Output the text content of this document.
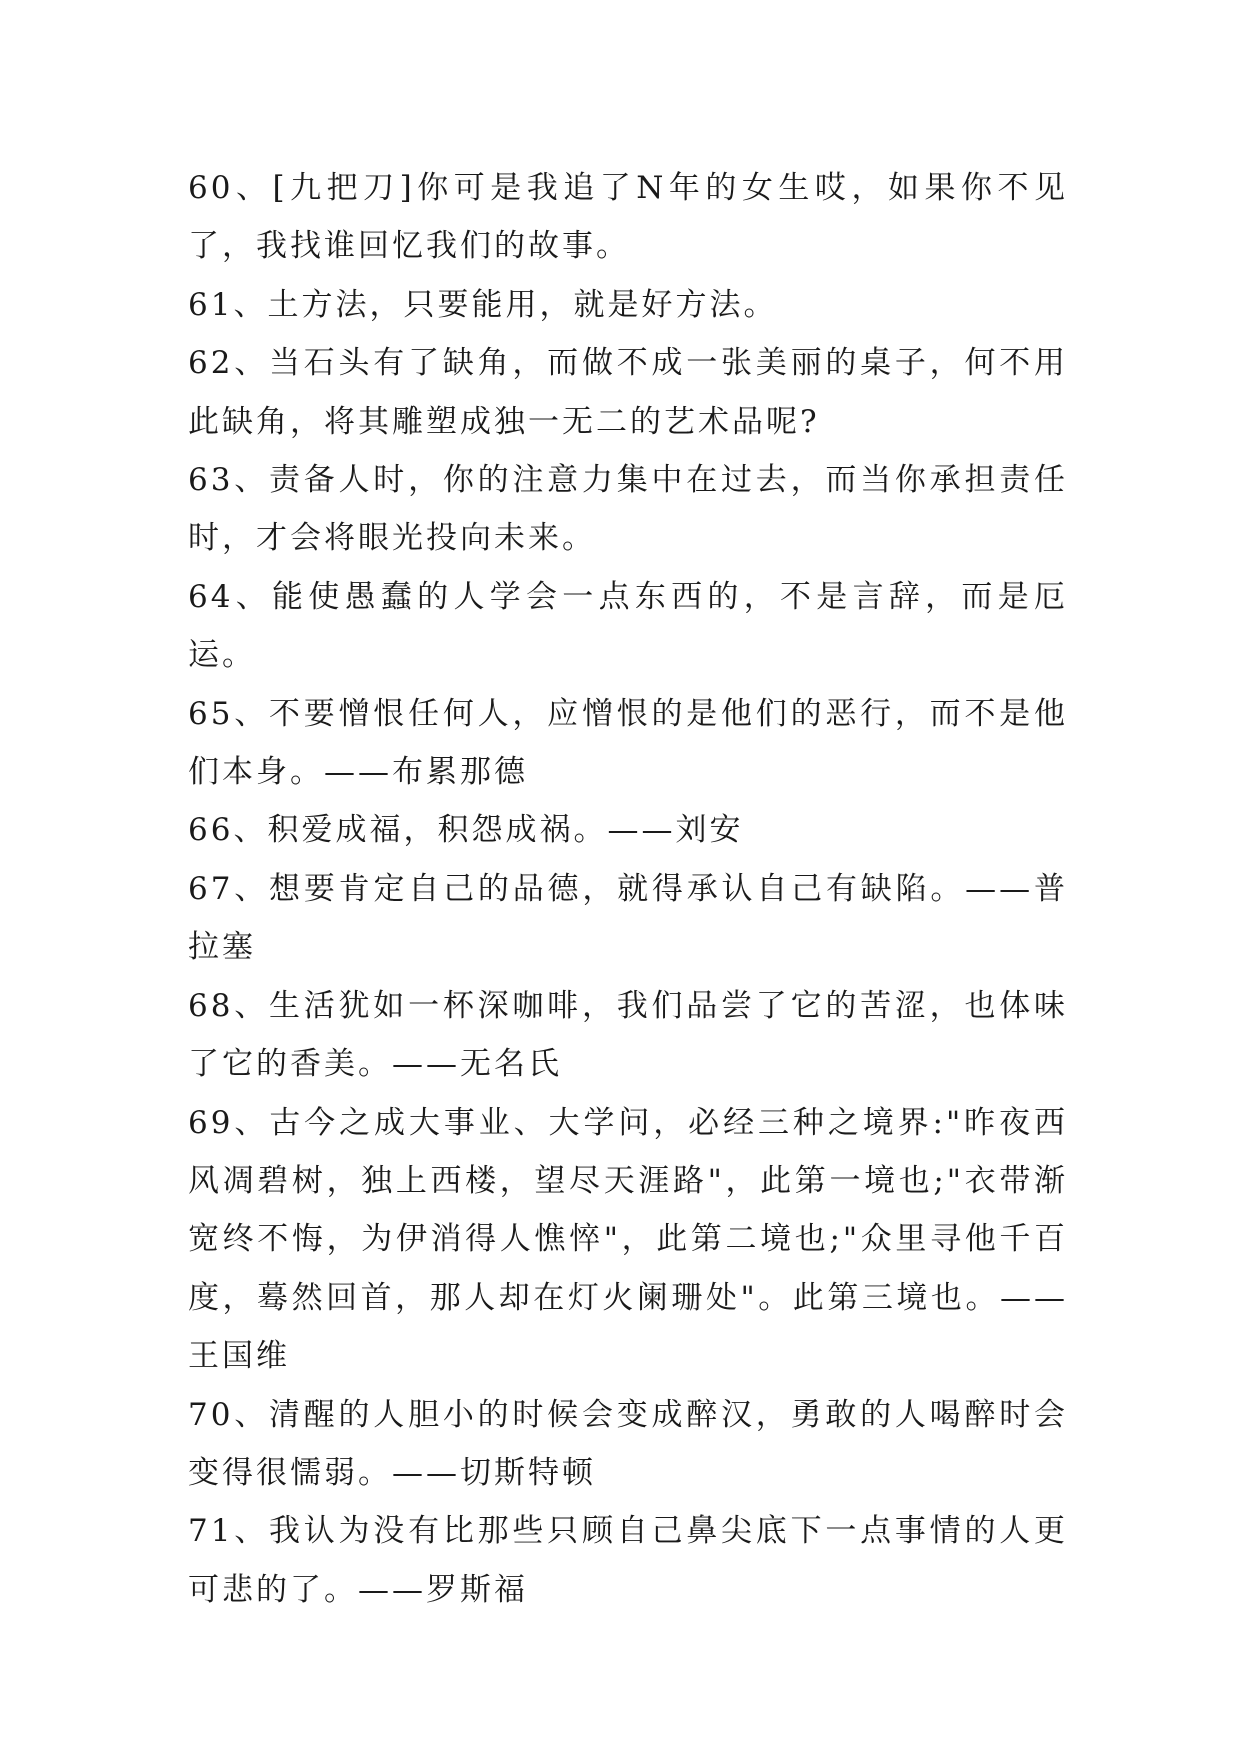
60、[九把刀]你可是我追了N年的女生哎，如果你不见了，我找谁回忆我们的故事。

61、土方法，只要能用，就是好方法。

62、当石头有了缺角，而做不成一张美丽的桌子，何不用此缺角，将其雕塑成独一无二的艺术品呢?

63、责备人时，你的注意力集中在过去，而当你承担责任时，才会将眼光投向未来。

64、能使愚蠢的人学会一点东西的，不是言辞，而是厄运。

65、不要憎恨任何人，应憎恨的是他们的恶行，而不是他们本身。——布累那德

66、积爱成福，积怨成祸。——刘安

67、想要肯定自己的品德，就得承认自己有缺陷。——普拉塞

68、生活犹如一杯深咖啡，我们品尝了它的苦涩，也体味了它的香美。——无名氏

69、古今之成大事业、大学问，必经三种之境界:"昨夜西风凋碧树，独上西楼，望尽天涯路"，此第一境也;"衣带渐宽终不悔，为伊消得人憔悴"，此第二境也;"众里寻他千百度，蓦然回首，那人却在灯火阑珊处"。此第三境也。——王国维

70、清醒的人胆小的时候会变成醉汉，勇敢的人喝醉时会变得很懦弱。——切斯特顿

71、我认为没有比那些只顾自己鼻尖底下一点事情的人更可悲的了。——罗斯福
